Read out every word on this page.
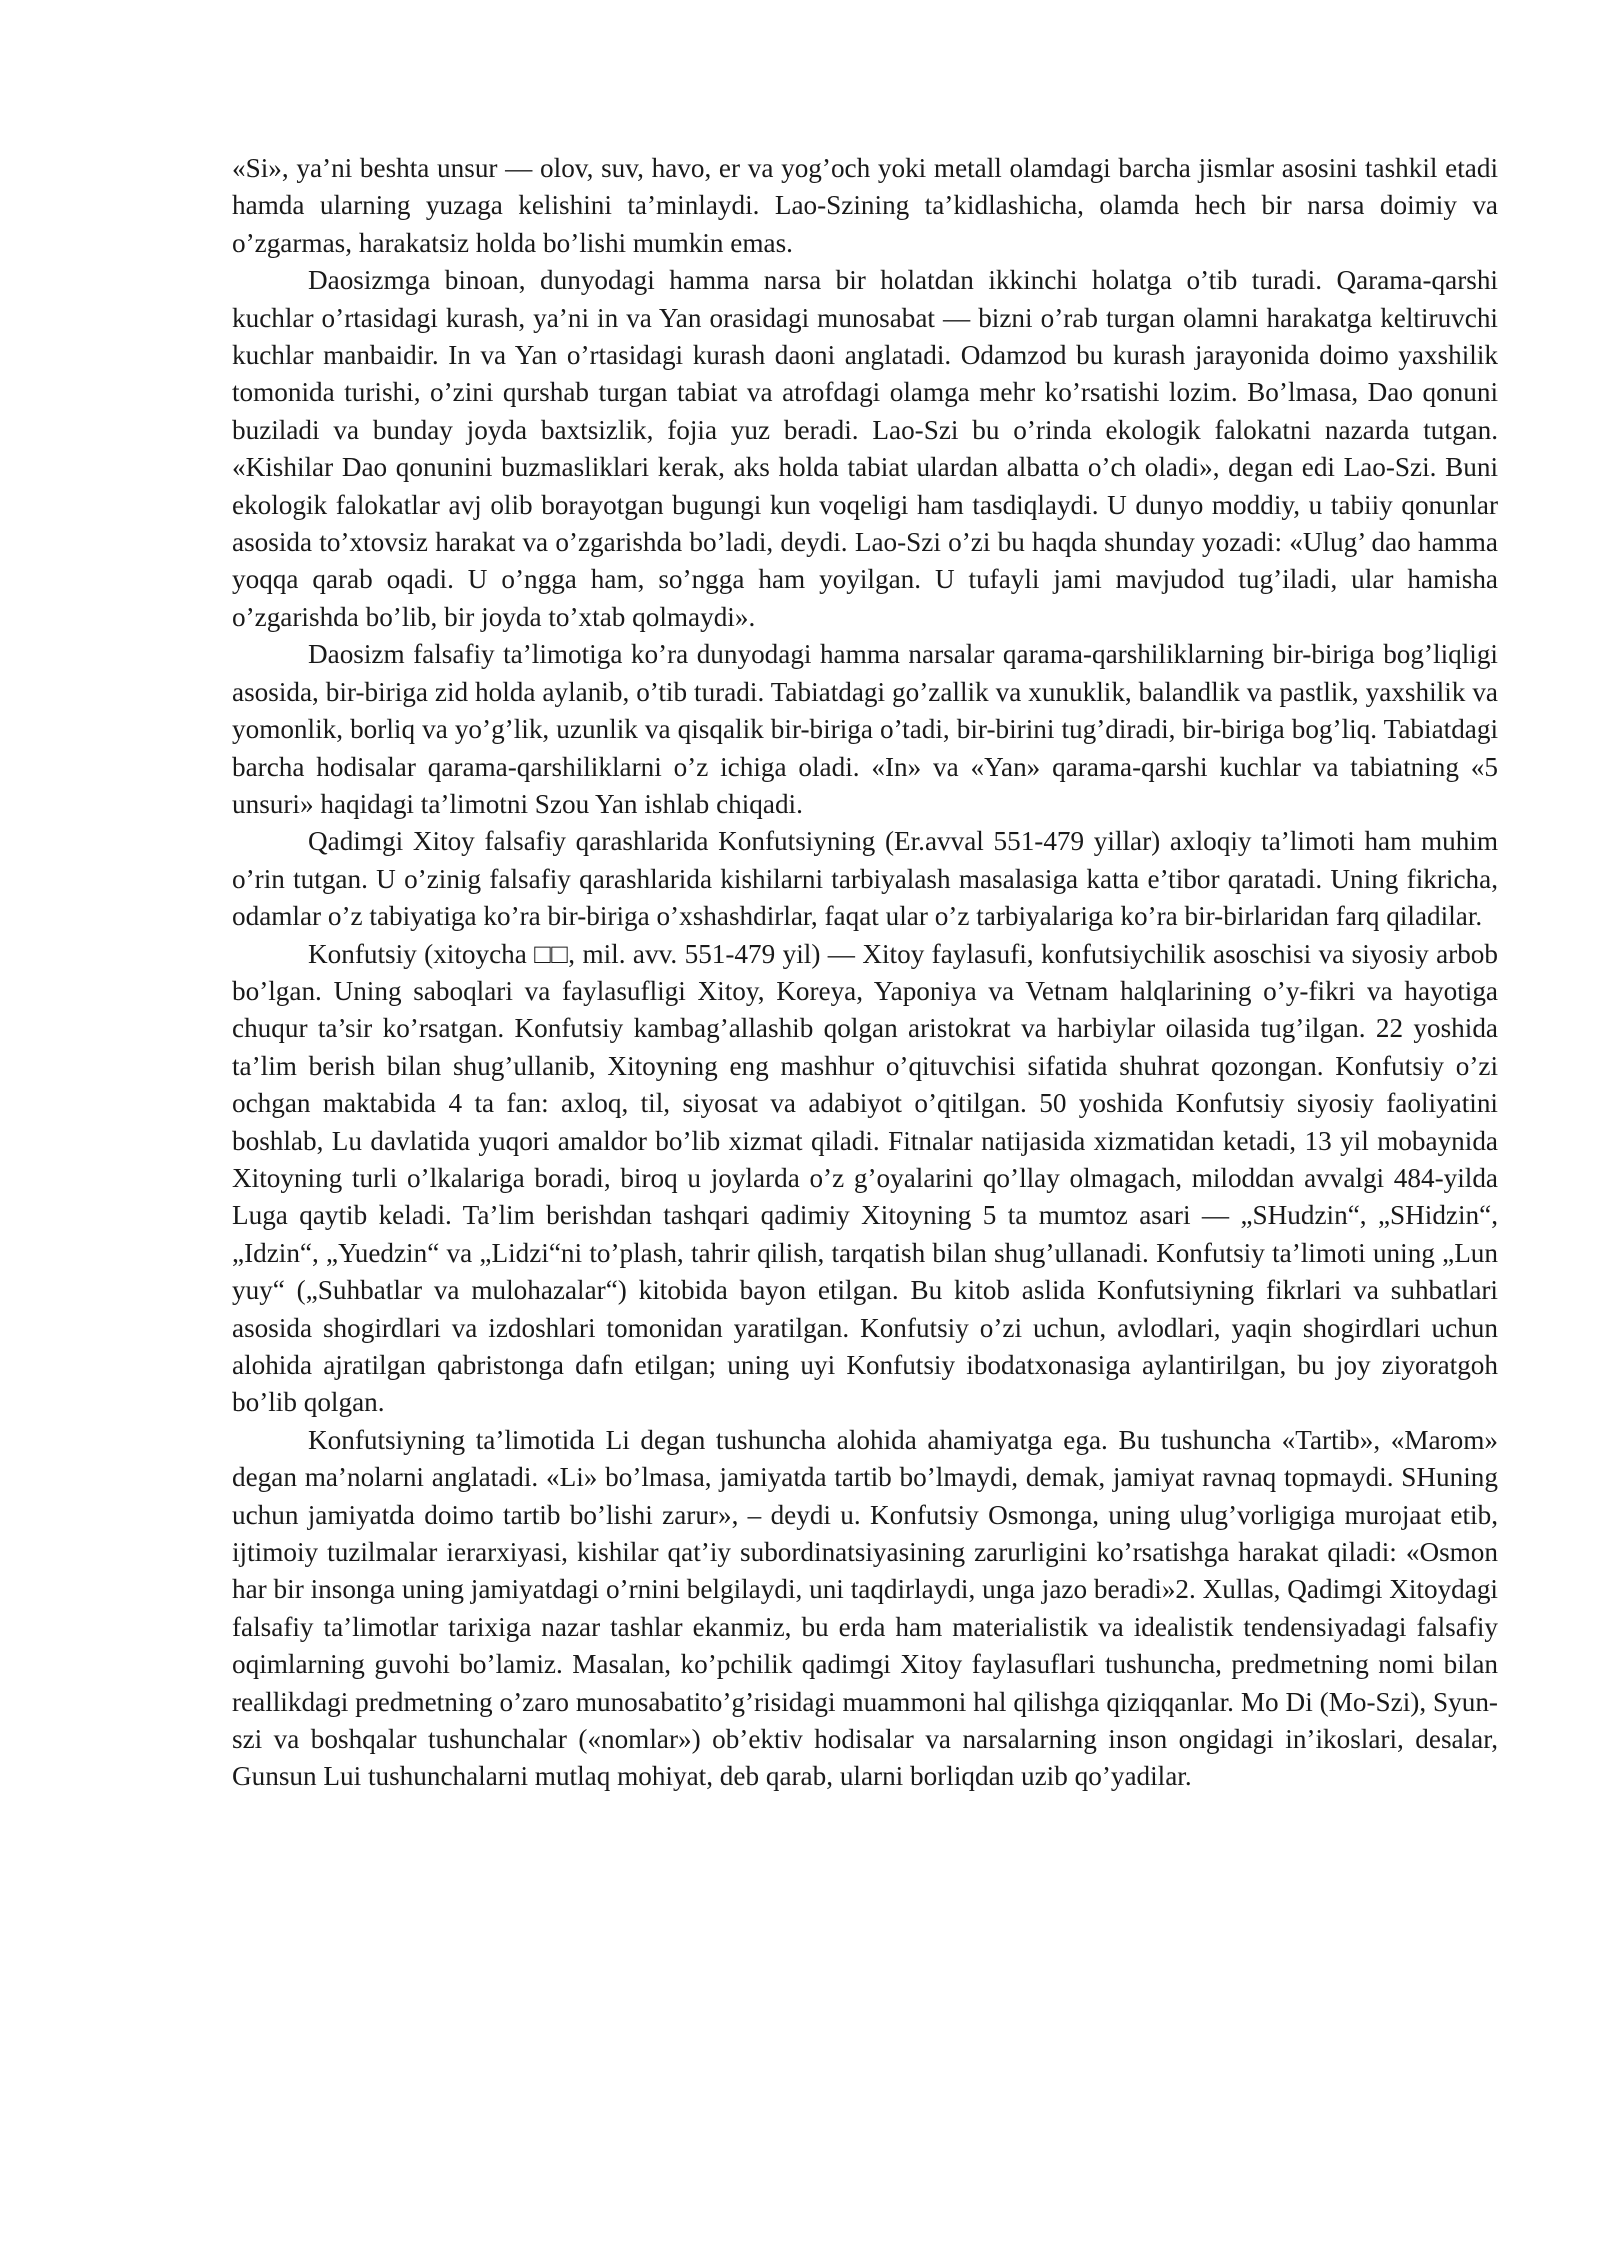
«Si», ya’ni beshta unsur — olov, suv, havo, er va yog’och yoki metall olamdagi barcha jismlar asosini tashkil etadi hamda ularning yuzaga kelishini ta’minlaydi. Lao-Szining ta’kidlashicha, olamda hech bir narsa doimiy va o’zgarmas, harakatsiz holda bo’lishi mumkin emas.

Daosizmga binoan, dunyodagi hamma narsa bir holatdan ikkinchi holatga o’tib turadi. Qarama-qarshi kuchlar o’rtasidagi kurash, ya’ni in va Yan orasidagi munosabat — bizni o’rab turgan olamni harakatga keltiruvchi kuchlar manbaidir. In va Yan o’rtasidagi kurash daoni anglatadi. Odamzod bu kurash jarayonida doimo yaxshilik tomonida turishi, o’zini qurshab turgan tabiat va atrofdagi olamga mehr ko’rsatishi lozim. Bo’lmasa, Dao qonuni buziladi va bunday joyda baxtsizlik, fojia yuz beradi. Lao-Szi bu o’rinda ekologik falokatni nazarda tutgan. «Kishilar Dao qonunini buzmasliklari kerak, aks holda tabiat ulardan albatta o’ch oladi», degan edi Lao-Szi. Buni ekologik falokatlar avj olib borayotgan bugungi kun voqeligi ham tasdiqlaydi. U dunyo moddiy, u tabiiy qonunlar asosida to’xtovsiz harakat va o’zgarishda bo’ladi, deydi. Lao-Szi o’zi bu haqda shunday yozadi: «Ulug’ dao hamma yoqqa qarab oqadi. U o’ngga ham, so’ngga ham yoyilgan. U tufayli jami mavjudod tug’iladi, ular hamisha o’zgarishda bo’lib, bir joyda to’xtab qolmaydi».

Daosizm falsafiy ta’limotiga ko’ra dunyodagi hamma narsalar qarama-qarshiliklarning bir-biriga bog’liqligi asosida, bir-biriga zid holda aylanib, o’tib turadi. Tabiatdagi go’zallik va xunuklik, balandlik va pastlik, yaxshilik va yomonlik, borliq va yo’g’lik, uzunlik va qisqalik bir-biriga o’tadi, bir-birini tug’diradi, bir-biriga bog’liq. Tabiatdagi barcha hodisalar qarama-qarshiliklarni o’z ichiga oladi. «In» va «Yan» qarama-qarshi kuchlar va tabiatning «5 unsuri» haqidagi ta’limotni Szou Yan ishlab chiqadi.

Qadimgi Xitoy falsafiy qarashlarida Konfutsiyning (Er.avval 551-479 yillar) axloqiy ta’limoti ham muhim o’rin tutgan. U o’zinig falsafiy qarashlarida kishilarni tarbiyalash masalasiga katta e’tibor qaratadi. Uning fikricha, odamlar o’z tabiyatiga ko’ra bir-biriga o’xshashdirlar, faqat ular o’z tarbiyalariga ko’ra bir-birlaridan farq qiladilar.

Konfutsiy (xitoycha □□, mil. avv. 551-479 yil) — Xitoy faylasufi, konfutsiychilik asoschisi va siyosiy arbob bo’lgan. Uning saboqlari va faylasufligi Xitoy, Koreya, Yaponiya va Vetnam halqlarining o’y-fikri va hayotiga chuqur ta’sir ko’rsatgan. Konfutsiy kambag’allashib qolgan aristokrat va harbiylar oilasida tug’ilgan. 22 yoshida ta’lim berish bilan shug’ullanib, Xitoyning eng mashhur o’qituvchisi sifatida shuhrat qozongan. Konfutsiy o’zi ochgan maktabida 4 ta fan: axloq, til, siyosat va adabiyot o’qitilgan. 50 yoshida Konfutsiy siyosiy faoliyatini boshlab, Lu davlatida yuqori amaldor bo’lib xizmat qiladi. Fitnalar natijasida xizmatidan ketadi, 13 yil mobaynida Xitoyning turli o’lkalariga boradi, biroq u joylarda o’z g’oyalarini qo’llay olmagach, miloddan avvalgi 484-yilda Luga qaytib keladi. Ta’lim berishdan tashqari qadimiy Xitoyning 5 ta mumtoz asari — „SHudzin“, „SHidzin“, „Idzin“, „Yuedzin“ va „Lidzi“ni to’plash, tahrir qilish, tarqatish bilan shug’ullanadi. Konfutsiy ta’limoti uning „Lun yuy“ („Suhbatlar va mulohazalar“) kitobida bayon etilgan. Bu kitob aslida Konfutsiyning fikrlari va suhbatlari asosida shogirdlari va izdoshlari tomonidan yaratilgan. Konfutsiy o’zi uchun, avlodlari, yaqin shogirdlari uchun alohida ajratilgan qabristonga dafn etilgan; uning uyi Konfutsiy ibodatxonasiga aylantirilgan, bu joy ziyoratgoh bo’lib qolgan.

Konfutsiyning ta’limotida Li degan tushuncha alohida ahamiyatga ega. Bu tushuncha «Tartib», «Marom» degan ma’nolarni anglatadi. «Li» bo’lmasa, jamiyatda tartib bo’lmaydi, demak, jamiyat ravnaq topmaydi. SHuning uchun jamiyatda doimo tartib bo’lishi zarur», – deydi u. Konfutsiy Osmonga, uning ulug’vorligiga murojaat etib, ijtimoiy tuzilmalar ierarxiyasi, kishilar qat’iy subordinatsiyasining zarurligini ko’rsatishga harakat qiladi: «Osmon har bir insonga uning jamiyatdagi o’rnini belgilaydi, uni taqdirlaydi, unga jazo beradi»2. Xullas, Qadimgi Xitoydagi falsafiy ta’limotlar tarixiga nazar tashlar ekanmiz, bu erda ham materialistik va idealistik tendensiyadagi falsafiy oqimlarning guvohi bo’lamiz. Masalan, ko’pchilik qadimgi Xitoy faylasuflari tushuncha, predmetning nomi bilan reallikdagi predmetning o’zaro munosabatito’g’risidagi muammoni hal qilishga qiziqqanlar. Mo Di (Mo-Szi), Syun-szi va boshqalar tushunchalar («nomlar») ob’ektiv hodisalar va narsalarning inson ongidagi in’ikoslari, desalar, Gunsun Lui tushunchalarni mutlaq mohiyat, deb qarab, ularni borliqdan uzib qo’yadilar.
